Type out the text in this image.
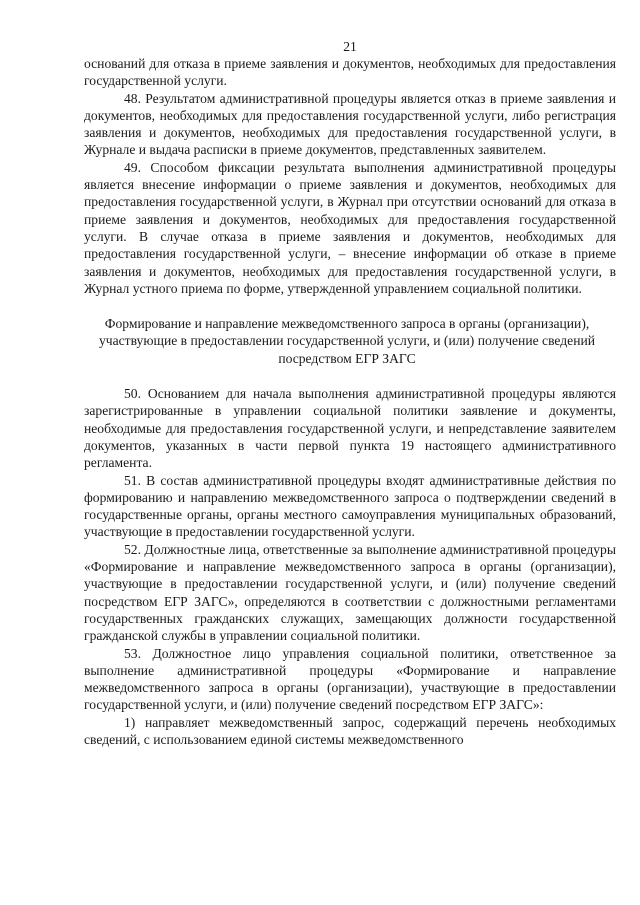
21

оснований для отказа в приеме заявления и документов, необходимых для предоставления государственной услуги.

48. Результатом административной процедуры является отказ в приеме заявления и документов, необходимых для предоставления государственной услуги, либо регистрация заявления и документов, необходимых для предоставления государственной услуги, в Журнале и выдача расписки в приеме документов, представленных заявителем.

49. Способом фиксации результата выполнения административной процедуры является внесение информации о приеме заявления и документов, необходимых для предоставления государственной услуги, в Журнал при отсутствии оснований для отказа в приеме заявления и документов, необходимых для предоставления государственной услуги. В случае отказа в приеме заявления и документов, необходимых для предоставления государственной услуги, – внесение информации об отказе в приеме заявления и документов, необходимых для предоставления государственной услуги, в Журнал устного приема по форме, утвержденной управлением социальной политики.

Формирование и направление межведомственного запроса в органы (организации), участвующие в предоставлении государственной услуги, и (или) получение сведений посредством ЕГР ЗАГС

50. Основанием для начала выполнения административной процедуры являются зарегистрированные в управлении социальной политики заявление и документы, необходимые для предоставления государственной услуги, и непредставление заявителем документов, указанных в части первой пункта 19 настоящего административного регламента.

51. В состав административной процедуры входят административные действия по формированию и направлению межведомственного запроса о подтверждении сведений в государственные органы, органы местного самоуправления муниципальных образований, участвующие в предоставлении государственной услуги.

52. Должностные лица, ответственные за выполнение административной процедуры «Формирование и направление межведомственного запроса в органы (организации), участвующие в предоставлении государственной услуги, и (или) получение сведений посредством ЕГР ЗАГС», определяются в соответствии с должностными регламентами государственных гражданских служащих, замещающих должности государственной гражданской службы в управлении социальной политики.

53. Должностное лицо управления социальной политики, ответственное за выполнение административной процедуры «Формирование и направление межведомственного запроса в органы (организации), участвующие в предоставлении государственной услуги, и (или) получение сведений посредством ЕГР ЗАГС»:

1) направляет межведомственный запрос, содержащий перечень необходимых сведений, с использованием единой системы межведомственного
